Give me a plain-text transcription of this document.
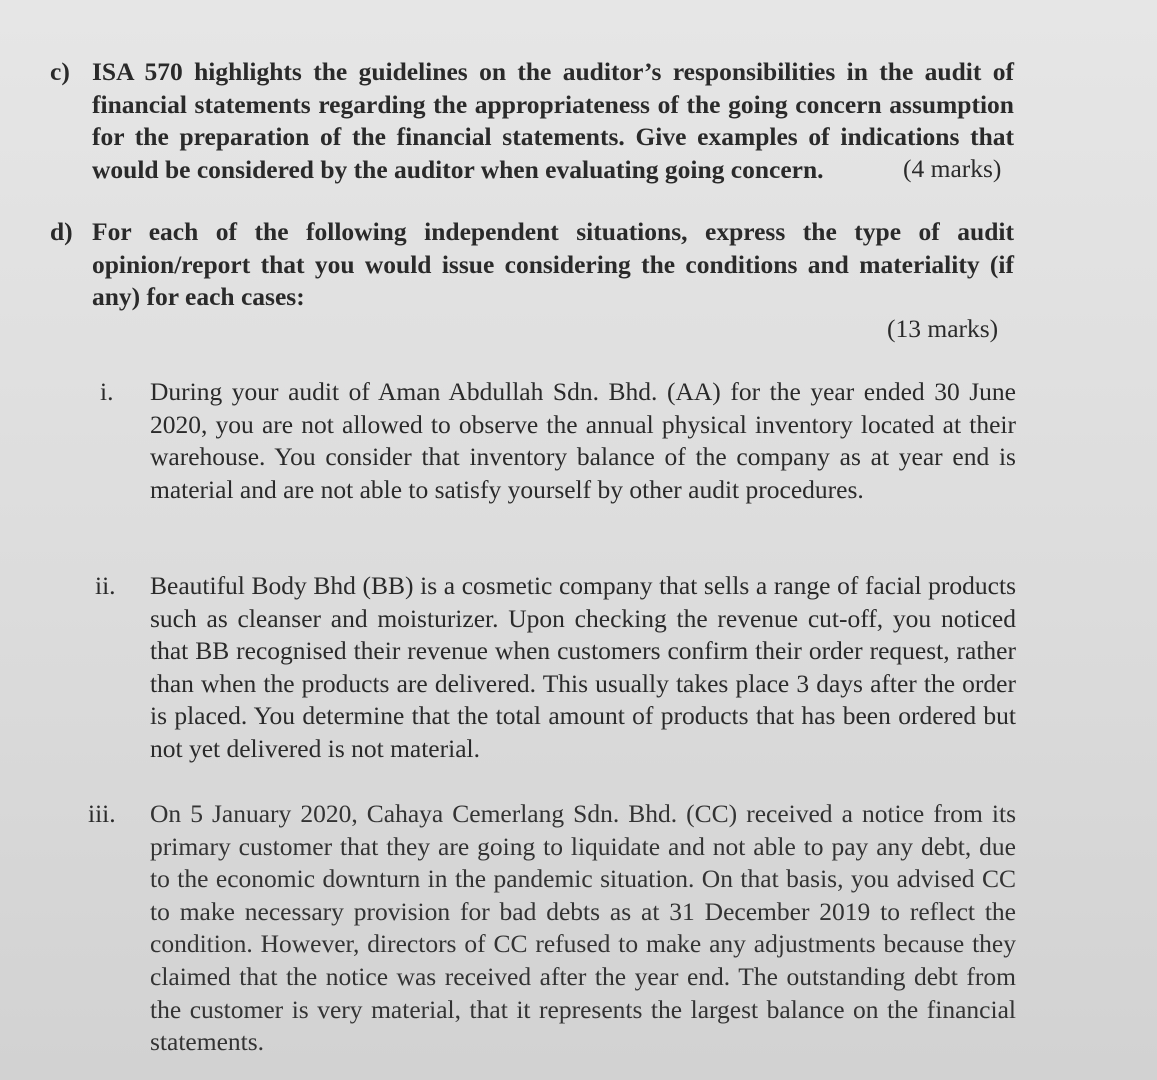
c) ISA 570 highlights the guidelines on the auditor’s responsibilities in the audit of financial statements regarding the appropriateness of the going concern assumption for the preparation of the financial statements. Give examples of indications that would be considered by the auditor when evaluating going concern.	(4 marks)
d) For each of the following independent situations, express the type of audit opinion/report that you would issue considering the conditions and materiality (if any) for each cases:
(13 marks)
i. During your audit of Aman Abdullah Sdn. Bhd. (AA) for the year ended 30 June 2020, you are not allowed to observe the annual physical inventory located at their warehouse. You consider that inventory balance of the company as at year end is material and are not able to satisfy yourself by other audit procedures.
ii. Beautiful Body Bhd (BB) is a cosmetic company that sells a range of facial products such as cleanser and moisturizer. Upon checking the revenue cut-off, you noticed that BB recognised their revenue when customers confirm their order request, rather than when the products are delivered. This usually takes place 3 days after the order is placed. You determine that the total amount of products that has been ordered but not yet delivered is not material.
iii. On 5 January 2020, Cahaya Cemerlang Sdn. Bhd. (CC) received a notice from its primary customer that they are going to liquidate and not able to pay any debt, due to the economic downturn in the pandemic situation. On that basis, you advised CC to make necessary provision for bad debts as at 31 December 2019 to reflect the condition. However, directors of CC refused to make any adjustments because they claimed that the notice was received after the year end. The outstanding debt from the customer is very material, that it represents the largest balance on the financial statements.
